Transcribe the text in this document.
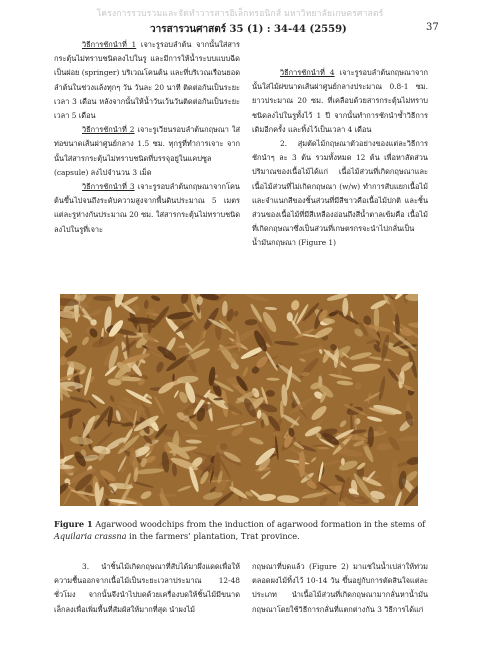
โครงการรวบรวมและจัดทำวารสารอิเล็กทรอนิกส์ มหาวิทยาลัยเกษตรศาสตร์
วารสารวนศาสตร์ 35 (1) : 34-44 (2559)	37

วิธีการชักนำที่ 1 เจาะรูรอบลำต้น จากนั้นใส่สารกระตุ้นไม่ทราบชนิดลงไปในรู และมีการให้น้ำระบบแบบฉีดเป็นฝอย (springer) บริเวณโคนต้น และที่บริเวณเรือนยอดลำต้นในช่วงแล้งทุกๆ วัน วันละ 20 นาที ติดต่อกันเป็นระยะเวลา 3 เดือน หลังจากนั้นให้น้ำวันเว้นวันติดต่อกันเป็นระยะเวลา 5 เดือน

วิธีการชักนำที่ 2 เจาะรูเวียนรอบลำต้นกฤษณา ใส่ท่อขนาดเส้นผ่าศูนย์กลาง 1.5 ซม. ทุกรูที่ทำการเจาะ จากนั้นใส่สารกระตุ้นไม่ทราบชนิดที่บรรจุอยู่ในแคปซูล (capsule) ลงไปจำนวน 3 เม็ด

วิธีการชักนำที่ 3 เจาะรูรอบลำต้นกฤษณาจากโคนต้นขึ้นไปจนถึงระดับความสูงจากพื้นดินประมาณ 5 เมตร แต่ละรูห่างกันประมาณ 20 ซม. ใส่สารกระตุ้นไม่ทราบชนิดลงไปในรูที่เจาะ

วิธีการชักนำที่ 4 เจาะรูรอบลำต้นกฤษณาจากนั้นใส่ไม้ผ่ขนาดเส้นผ่าศูนย์กลางประมาณ 0.8-1 ซม. ยาวประมาณ 20 ซม. ที่เคลือบด้วยสารกระตุ้นไม่ทราบชนิดลงไปในรูทั้งไว้ 1 ปี จากนั้นทำการชักนำซ้ำวิธีการเดิมอีกครั้ง และทิ้งไว้เป็นเวลา 4 เดือน

2. สุ่มตัดไม้กฤษณาตัวอย่างของแต่ละวิธีการชักนำๆ ละ 3 ต้น รวมทั้งหมด 12 ต้น เพื่อหาสัดส่วนปริมาณของเนื้อไม้ได้แก่ เนื้อไม้ส่วนที่เกิดกฤษณาและเนื้อไม้ส่วนที่ไม่เกิดกฤษณา (w/w) ทำการสับแยกเนื้อไม้และจำแนกสีของชิ้นส่วนที่มีสีขาวคือเนื้อไม้ปกติ และชิ้นส่วนของเนื้อไม้ที่มีสีเหลืองอ่อนถึงสีน้ำตาลเข้มคือ เนื้อไม้ที่เกิดกฤษณาซึ่งเป็นส่วนที่เกษตรกรจะนำไปกลั่นเป็นน้ำมันกฤษณา (Figure 1)

Figure 1 Agarwood woodchips from the induction of agarwood formation in the stems of Aquilaria crassna in the farmers’ plantation, Trat province.

3. นำชิ้นไม้เกิดกฤษณาที่สับได้มาผึ่งแดดเพื่อให้ความชื้นออกจากเนื้อไม้เป็นระยะเวลาประมาณ 12-48 ชั่วโมง จากนั้นจึงนำไปบดด้วยเครื่องบดให้ชิ้นไม้มีขนาดเล็กลงเพื่อเพิ่มพื้นที่สัมผัสให้มากที่สุด นำผงไม้

กฤษณาที่บดแล้ว (Figure 2) มาแช่ในน้ำเปล่าให้ท่วมตลอดผงไม้ทิ้งไว้ 10-14 วัน ขึ้นอยู่กับการตัดสินใจแต่ละประเภท นำเนื้อไม้ส่วนที่เกิดกฤษณามากลั่นหาน้ำมันกฤษณาโดยใช้วิธีการกลั่นที่แตกต่างกัน 3 วิธีการได้แก่
